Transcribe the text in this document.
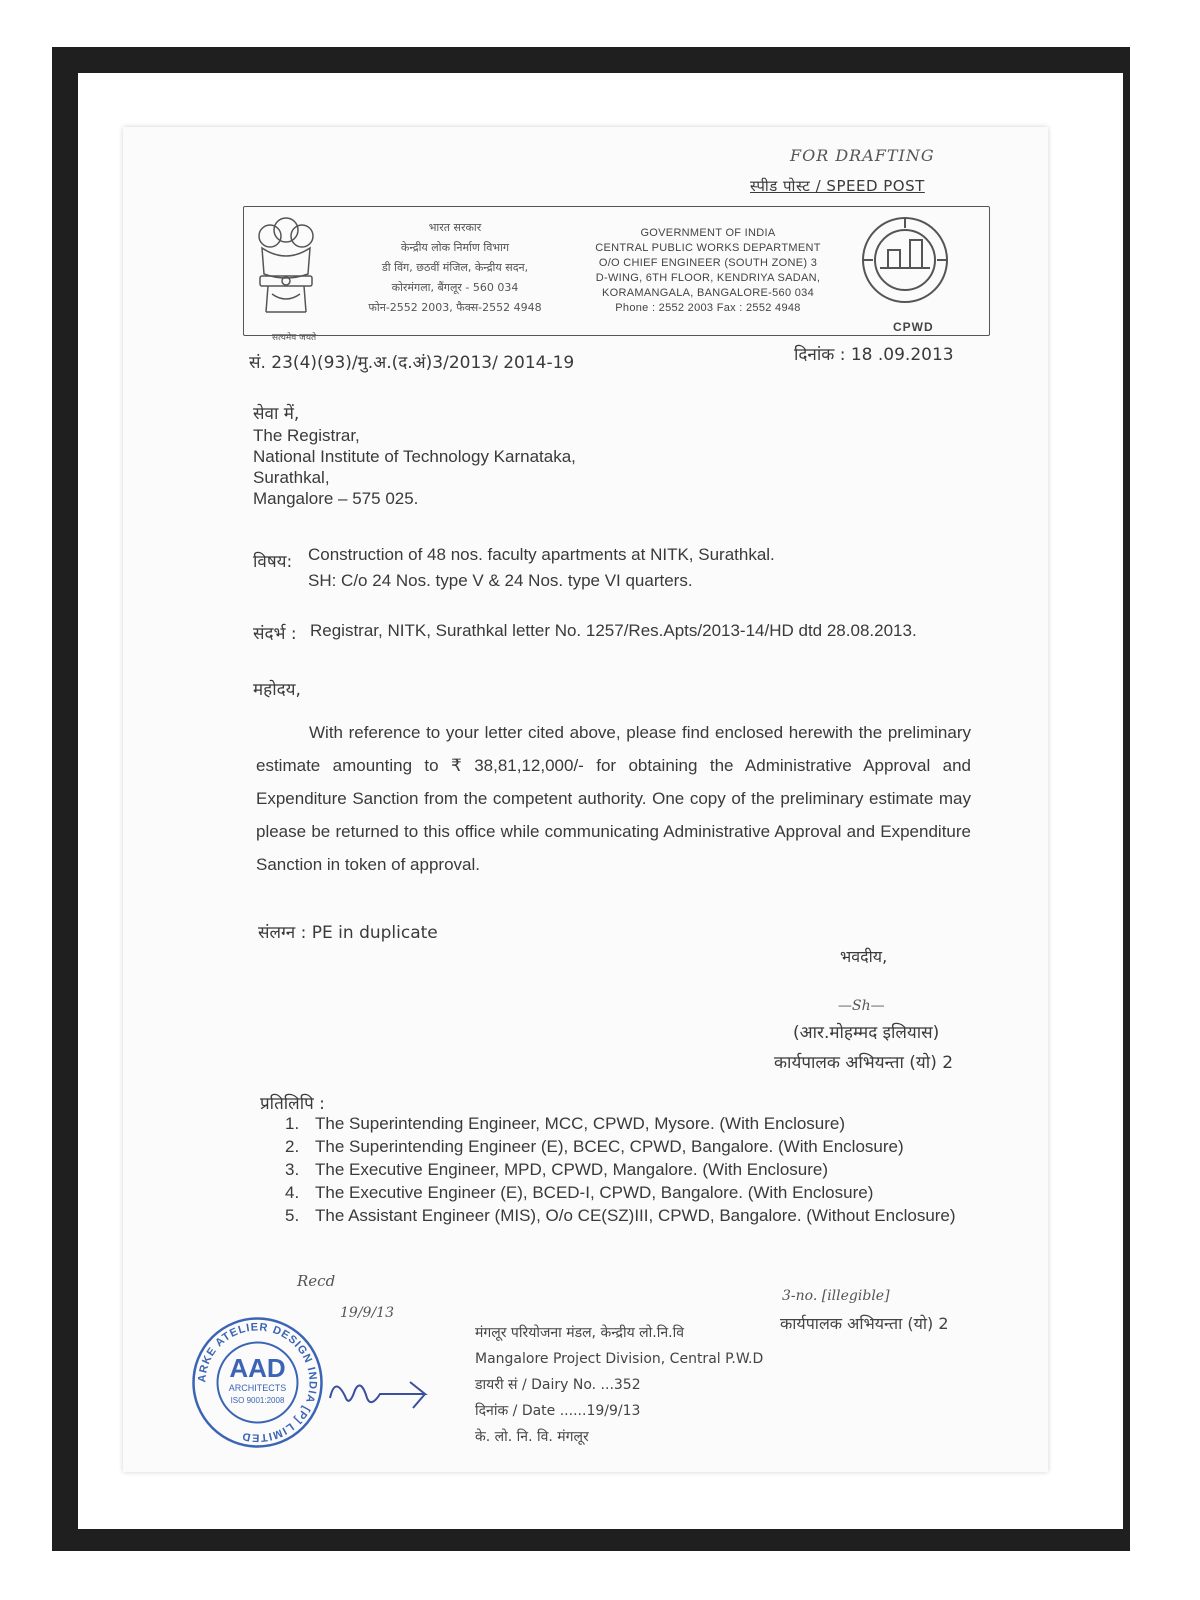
FOR DRAFTING
स्पीड पोस्ट / SPEED POST
सत्यमेव जयते
भारत सरकार
केन्द्रीय लोक निर्माण विभाग
डी विंग, छठवीं मंजिल, केन्द्रीय सदन,
कोरमंगला, बैंगलूर - 560 034
फोन-2552 2003, फैक्स-2552 4948
GOVERNMENT OF INDIA
CENTRAL PUBLIC WORKS DEPARTMENT
O/O CHIEF ENGINEER (SOUTH ZONE) 3
D-WING, 6TH FLOOR, KENDRIYA SADAN,
KORAMANGALA, BANGALORE-560 034
Phone : 2552 2003 Fax : 2552 4948
CPWD
सं. 23(4)(93)/मु.अ.(द.अं)3/2013/ 2014-19	दिनांक : 18 .09.2013
सेवा में,
The Registrar,
National Institute of Technology Karnataka,
Surathkal,
Mangalore – 575 025.
विषय: Construction of 48 nos. faculty apartments at NITK, Surathkal.
SH: C/o 24 Nos. type V & 24 Nos. type VI quarters.
संदर्भ : Registrar, NITK, Surathkal letter No. 1257/Res.Apts/2013-14/HD dtd 28.08.2013.
महोदय,
With reference to your letter cited above, please find enclosed herewith the preliminary estimate amounting to ₹ 38,81,12,000/- for obtaining the Administrative Approval and Expenditure Sanction from the competent authority. One copy of the preliminary estimate may please be returned to this office while communicating Administrative Approval and Expenditure Sanction in token of approval.
संलग्न : PE in duplicate
भवदीय,
—Sh—
(आर.मोहम्मद इलियास)
कार्यपालक अभियन्ता (यो) 2
प्रतिलिपि :
1. The Superintending Engineer, MCC, CPWD, Mysore. (With Enclosure)
2. The Superintending Engineer (E), BCEC, CPWD, Bangalore. (With Enclosure)
3. The Executive Engineer, MPD, CPWD, Mangalore. (With Enclosure)
4. The Executive Engineer (E), BCED-I, CPWD, Bangalore. (With Enclosure)
5. The Assistant Engineer (MIS), O/o CE(SZ)III, CPWD, Bangalore. (Without Enclosure)
Recd
19/9/13
ARKE ATELIER DESIGN INDIA [P] LIMITED
AAD
ARCHITECTS
ISO 9001:2008
मंगलूर परियोजना मंडल, केन्द्रीय लो.नि.वि
Mangalore Project Division, Central P.W.D
डायरी सं / Dairy No. ...352
दिनांक / Date ......19/9/13
के. लो. नि. वि. मंगलूर
3-no. [illegible]
कार्यपालक अभियन्ता (यो) 2
